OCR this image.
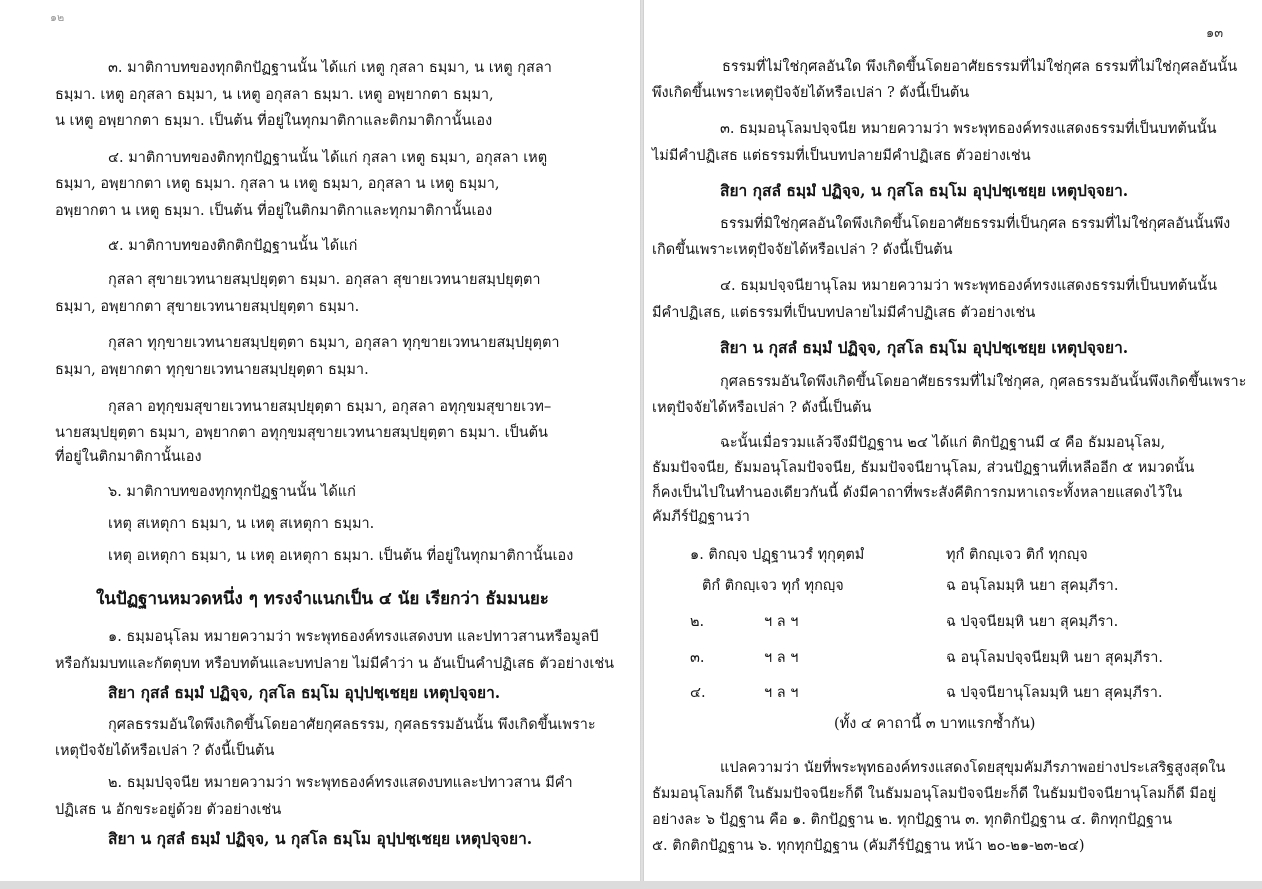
๑๒
๓. มาติกาบทของทุกติกปัฏฐานนั้น ได้แก่ เหตู กุสลา ธมฺมา, น เหตู กุสลา
ธมฺมา. เหตู อกุสลา ธมฺมา, น เหตู อกุสลา ธมฺมา. เหตู อพฺยากตา ธมฺมา,
น เหตู อพฺยากตา ธมฺมา. เป็นต้น ที่อยู่ในทุกมาติกาและติกมาติกานั้นเอง
๔. มาติกาบทของติกทุกปัฏฐานนั้น ได้แก่ กุสลา เหตู ธมฺมา, อกุสลา เหตู
ธมฺมา, อพฺยากตา เหตู ธมฺมา. กุสลา น เหตู ธมฺมา, อกุสลา น เหตู ธมฺมา,
อพฺยากตา น เหตู ธมฺมา. เป็นต้น ที่อยู่ในติกมาติกาและทุกมาติกานั้นเอง
๕. มาติกาบทของติกติกปัฏฐานนั้น ได้แก่
กุสลา สุขายเวทนายสมฺปยุตฺตา ธมฺมา. อกุสลา สุขายเวทนายสมฺปยุตฺตา
ธมฺมา, อพฺยากตา สุขายเวทนายสมฺปยุตฺตา ธมฺมา.
กุสลา ทุกฺขายเวทนายสมฺปยุตฺตา ธมฺมา, อกุสลา ทุกฺขายเวทนายสมฺปยุตฺตา
ธมฺมา, อพฺยากตา ทุกฺขายเวทนายสมฺปยุตฺตา ธมฺมา.
กุสลา อทุกฺขมสุขายเวทนายสมฺปยุตฺตา ธมฺมา, อกุสลา อทุกฺขมสุขายเวท–
นายสมฺปยุตฺตา ธมฺมา, อพฺยากตา อทุกฺขมสุขายเวทนายสมฺปยุตฺตา ธมฺมา. เป็นต้น
ที่อยู่ในติกมาติกานั้นเอง
๖. มาติกาบทของทุกทุกปัฏฐานนั้น ได้แก่
เหตุ สเหตุกา ธมฺมา, น เหตุ สเหตุกา ธมฺมา.
เหตุ อเหตุกา ธมฺมา, น เหตุ อเหตุกา ธมฺมา. เป็นต้น ที่อยู่ในทุกมาติกานั้นเอง
ในปัฏฐานหมวดหนึ่ง ๆ ทรงจำแนกเป็น ๔ นัย เรียกว่า ธัมมนยะ
๑. ธมฺมอนุโลม หมายความว่า พระพุทธองค์ทรงแสดงบท และปทาวสานหรือมูลบี
หรือกัมมบทและกัตตุบท หรือบทต้นและบทปลาย ไม่มีคำว่า น อันเป็นคำปฏิเสธ ตัวอย่างเช่น
สิยา กุสลํ ธมฺมํ ปฏิจฺจ, กุสโล ธมฺโม อุปฺปชฺเชยฺย เหตุปจฺจยา.
กุศลธรรมอันใดพึงเกิดขึ้นโดยอาศัยกุศลธรรม, กุศลธรรมอันนั้น พึงเกิดขึ้นเพราะ
เหตุปัจจัยได้หรือเปล่า ? ดังนี้เป็นต้น
๒. ธมฺมปจฺจนีย หมายความว่า พระพุทธองค์ทรงแสดงบทและปทาวสาน มีคำ
ปฏิเสธ น อักขระอยู่ด้วย ตัวอย่างเช่น
สิยา น กุสลํ ธมฺมํ ปฏิจฺจ, น กุสโล ธมฺโม อุปฺปชฺเชยฺย เหตุปจฺจยา.
๑๓
ธรรมที่ไม่ใช่กุศลอันใด พึงเกิดขึ้นโดยอาศัยธรรมที่ไม่ใช่กุศล ธรรมที่ไม่ใช่กุศลอันนั้น
พึงเกิดขึ้นเพราะเหตุปัจจัยได้หรือเปล่า ? ดังนี้เป็นต้น
๓. ธมฺมอนุโลมปจฺจนีย หมายความว่า พระพุทธองค์ทรงแสดงธรรมที่เป็นบทต้นนั้น
ไม่มีคำปฏิเสธ แต่ธรรมที่เป็นบทปลายมีคำปฏิเสธ ตัวอย่างเช่น
สิยา กุสลํ ธมฺมํ ปฏิจฺจ, น กุสโล ธมฺโม อุปฺปชฺเชยฺย เหตุปจฺจยา.
ธรรมที่มิใช่กุศลอันใดพึงเกิดขึ้นโดยอาศัยธรรมที่เป็นกุศล ธรรมที่ไม่ใช่กุศลอันนั้นพึง
เกิดขึ้นเพราะเหตุปัจจัยได้หรือเปล่า ? ดังนี้เป็นต้น
๔. ธมฺมปจฺจนียานุโลม หมายความว่า พระพุทธองค์ทรงแสดงธรรมที่เป็นบทต้นนั้น
มีคำปฏิเสธ, แต่ธรรมที่เป็นบทปลายไม่มีคำปฏิเสธ ตัวอย่างเช่น
สิยา น กุสลํ ธมฺมํ ปฏิจฺจ, กุสโล ธมฺโม อุปฺปชฺเชยฺย เหตุปจฺจยา.
กุศลธรรมอันใดพึงเกิดขึ้นโดยอาศัยธรรมที่ไม่ใช่กุศล, กุศลธรรมอันนั้นพึงเกิดขึ้นเพราะ
เหตุปัจจัยได้หรือเปล่า ? ดังนี้เป็นต้น
ฉะนั้นเมื่อรวมแล้วจึงมีปัฏฐาน ๒๔ ได้แก่ ติกปัฏฐานมี ๔ คือ ธัมมอนุโลม,
ธัมมปัจจนีย, ธัมมอนุโลมปัจจนีย, ธัมมปัจจนียานุโลม, ส่วนปัฏฐานที่เหลืออีก ๕ หมวดนั้น
ก็คงเป็นไปในทำนองเดียวกันนี้ ดังมีคาถาที่พระสังคีติการกมหาเถระทั้งหลายแสดงไว้ใน
คัมภีร์ปัฏฐานว่า
๑. ติกญฺจ ปฏฺฐานวรํ ทุกุตฺตมํ	ทุกํ ติกญฺเจว ติกํ ทุกญฺจ
ติกํ ติกญฺเจว ทุกํ ทุกญฺจ	ฉ อนุโลมมฺหิ นยา สุคมฺภีรา.
๒.	ฯ ล ฯ	ฉ ปจฺจนียมฺหิ นยา สุคมฺภีรา.
๓.	ฯ ล ฯ	ฉ อนุโลมปจฺจนียมฺหิ นยา สุคมฺภีรา.
๔.	ฯ ล ฯ	ฉ ปจฺจนียานุโลมมฺหิ นยา สุคมฺภีรา.
(ทั้ง ๔ คาถานี้ ๓ บาทแรกซ้ำกัน)
แปลความว่า นัยที่พระพุทธองค์ทรงแสดงโดยสุขุมคัมภีรภาพอย่างประเสริฐสูงสุดใน
ธัมมอนุโลมก็ดี ในธัมมปัจจนียะก็ดี ในธัมมอนุโลมปัจจนียะก็ดี ในธัมมปัจจนียานุโลมก็ดี มีอยู่
อย่างละ ๖ ปัฏฐาน คือ ๑. ติกปัฏฐาน ๒. ทุกปัฏฐาน ๓. ทุกติกปัฏฐาน ๔. ติกทุกปัฏฐาน
๕. ติกติกปัฏฐาน ๖. ทุกทุกปัฏฐาน (คัมภีร์ปัฏฐาน หน้า ๒๐-๒๑-๒๓-๒๔)
